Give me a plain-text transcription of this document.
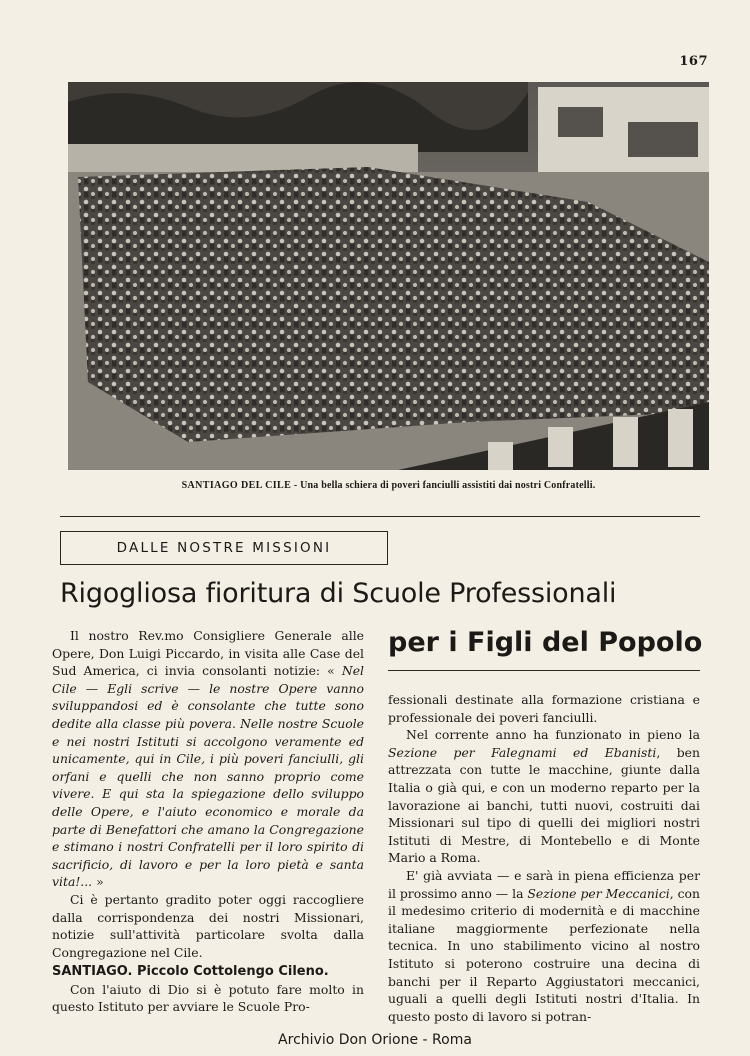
167
SANTIAGO DEL CILE - Una bella schiera di poveri fanciulli assistiti dai nostri Confratelli.
DALLE NOSTRE MISSIONI
Rigogliosa fioritura di Scuole Professionali
per i Figli del Popolo

Il nostro Rev.mo Consigliere Generale alle Opere, Don Luigi Piccardo, in visita alle Case del Sud America, ci invia consolanti notizie: « Nel Cile — Egli scrive — le nostre Opere vanno sviluppandosi ed è consolante che tutte sono dedite alla classe più povera. Nelle nostre Scuole e nei nostri Istituti si accolgono veramente ed unicamente, qui in Cile, i più poveri fanciulli, gli orfani e quelli che non sanno proprio come vivere. E qui sta la spiegazione dello sviluppo delle Opere, e l'aiuto economico e morale da parte di Benefattori che amano la Congregazione e stimano i nostri Confratelli per il loro spirito di sacrificio, di lavoro e per la loro pietà e santa vita!... »

Ci è pertanto gradito poter oggi raccogliere dalla corrispondenza dei nostri Missionari, notizie sull'attività particolare svolta dalla Congregazione nel Cile.

SANTIAGO. Piccolo Cottolengo Cileno.

Con l'aiuto di Dio si è potuto fare molto in questo Istituto per avviare le Scuole Pro-

fessionali destinate alla formazione cristiana e professionale dei poveri fanciulli.

Nel corrente anno ha funzionato in pieno la Sezione per Falegnami ed Ebanisti, ben attrezzata con tutte le macchine, giunte dalla Italia o già qui, e con un moderno reparto per la lavorazione ai banchi, tutti nuovi, costruiti dai Missionari sul tipo di quelli dei migliori nostri Istituti di Mestre, di Montebello e di Monte Mario a Roma.

E' già avviata — e sarà in piena efficienza per il prossimo anno — la Sezione per Meccanici, con il medesimo criterio di modernità e di macchine italiane maggiormente perfezionate nella tecnica. In uno stabilimento vicino al nostro Istituto si poterono costruire una decina di banchi per il Reparto Aggiustatori meccanici, uguali a quelli degli Istituti nostri d'Italia. In questo posto di lavoro si potran-

Archivio Don Orione - Roma
